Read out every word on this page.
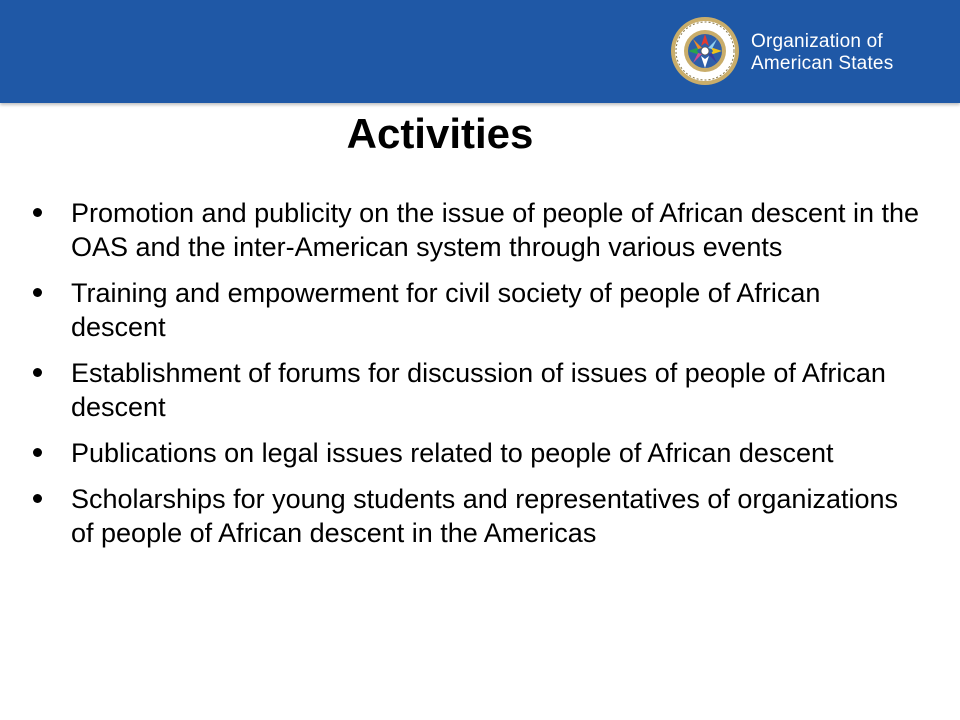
Organization of
American States
Activities
Promotion and publicity on the issue of people of African descent in the OAS and the inter-American system through various events
Training and empowerment for civil society of people of African descent
Establishment of forums for discussion of issues of people of African descent
Publications on legal issues related to people of African descent
Scholarships for young students and representatives of organizations of people of African descent in the Americas
